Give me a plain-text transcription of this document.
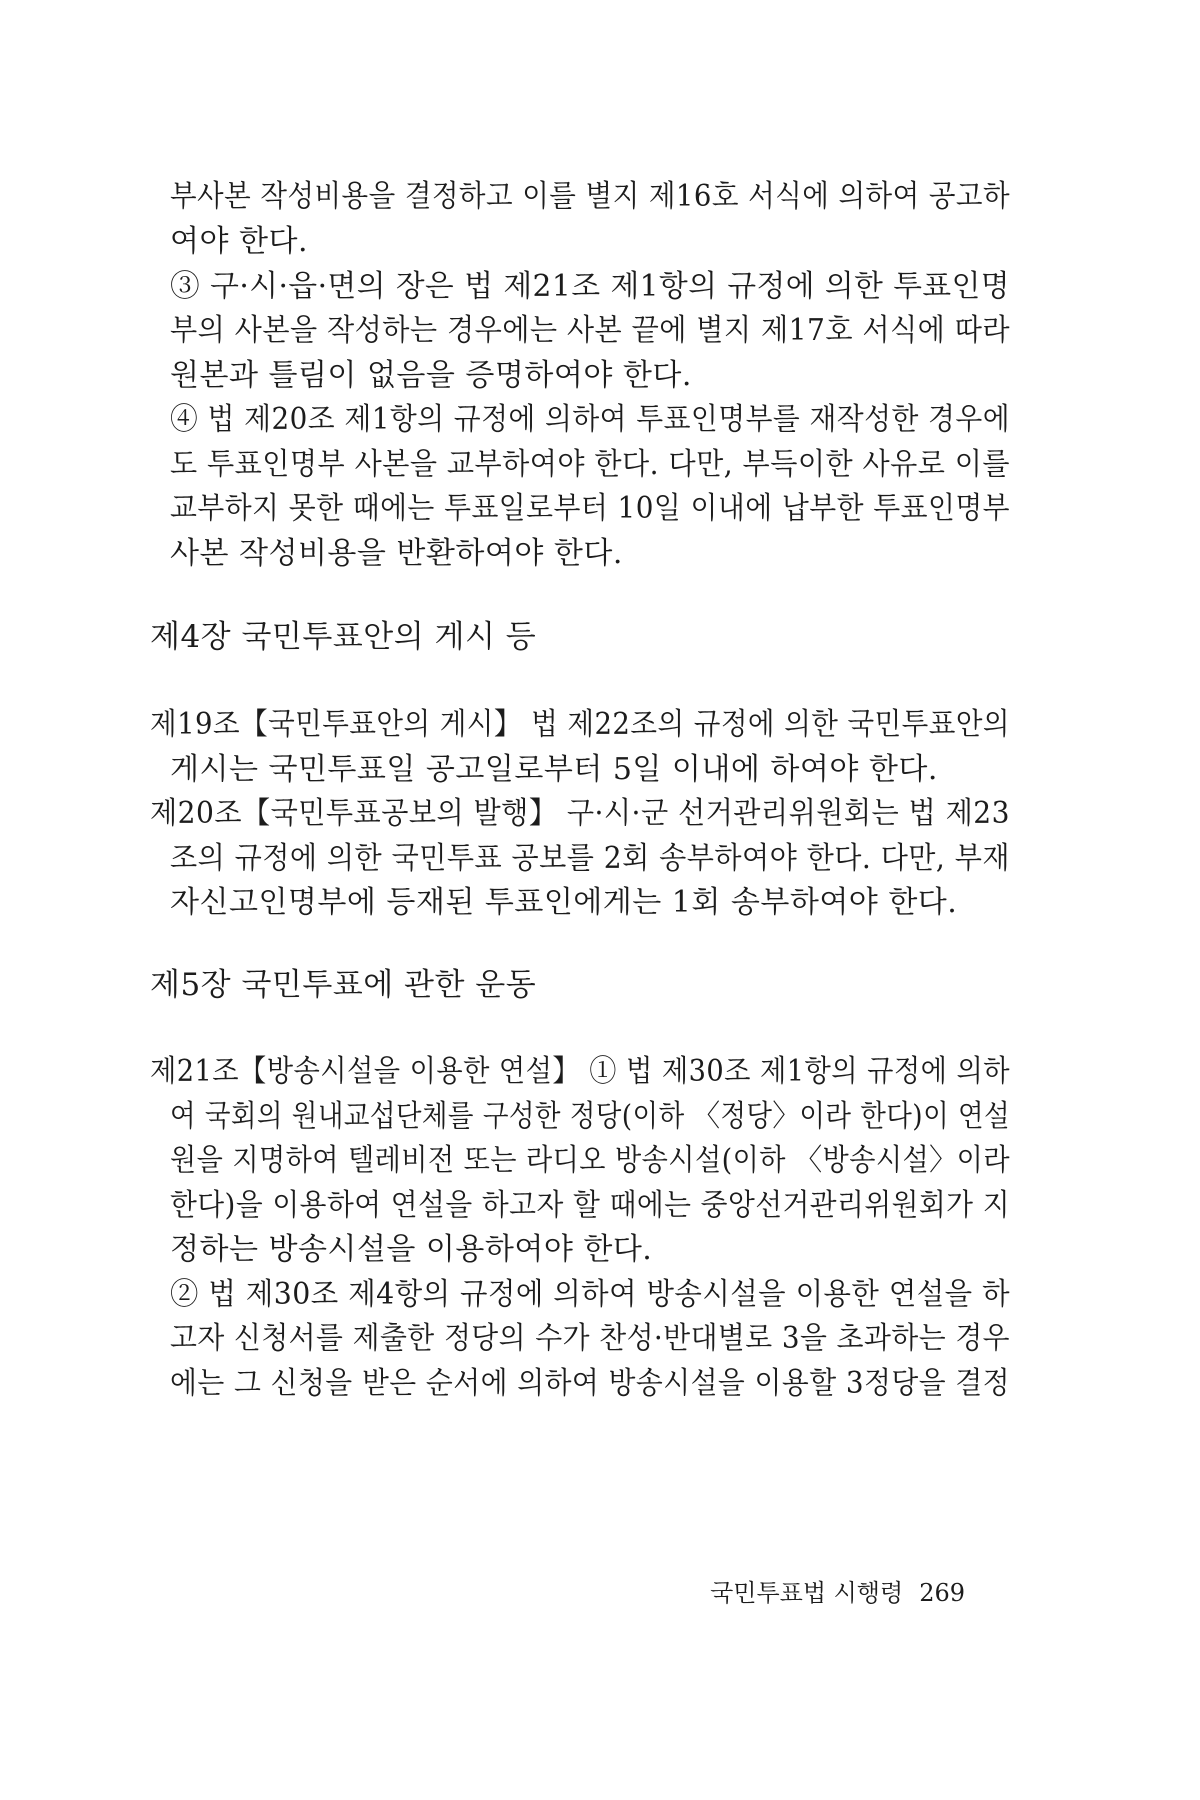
부사본 작성비용을 결정하고 이를 별지 제16호 서식에 의하여 공고하
여야 한다.
③ 구·시·읍·면의 장은 법 제21조 제1항의 규정에 의한 투표인명
부의 사본을 작성하는 경우에는 사본 끝에 별지 제17호 서식에 따라
원본과 틀림이 없음을 증명하여야 한다.
④ 법 제20조 제1항의 규정에 의하여 투표인명부를 재작성한 경우에
도 투표인명부 사본을 교부하여야 한다. 다만, 부득이한 사유로 이를
교부하지 못한 때에는 투표일로부터 10일 이내에 납부한 투표인명부
사본 작성비용을 반환하여야 한다.
제4장 국민투표안의 게시 등
제19조【국민투표안의 게시】 법 제22조의 규정에 의한 국민투표안의
게시는 국민투표일 공고일로부터 5일 이내에 하여야 한다.
제20조【국민투표공보의 발행】 구·시·군 선거관리위원회는 법 제23
조의 규정에 의한 국민투표 공보를 2회 송부하여야 한다. 다만, 부재
자신고인명부에 등재된 투표인에게는 1회 송부하여야 한다.
제5장 국민투표에 관한 운동
제21조【방송시설을 이용한 연설】 ① 법 제30조 제1항의 규정에 의하
여 국회의 원내교섭단체를 구성한 정당(이하 〈정당〉이라 한다)이 연설
원을 지명하여 텔레비전 또는 라디오 방송시설(이하 〈방송시설〉이라
한다)을 이용하여 연설을 하고자 할 때에는 중앙선거관리위원회가 지
정하는 방송시설을 이용하여야 한다.
② 법 제30조 제4항의 규정에 의하여 방송시설을 이용한 연설을 하
고자 신청서를 제출한 정당의 수가 찬성·반대별로 3을 초과하는 경우
에는 그 신청을 받은 순서에 의하여 방송시설을 이용할 3정당을 결정
국민투표법 시행령 269
